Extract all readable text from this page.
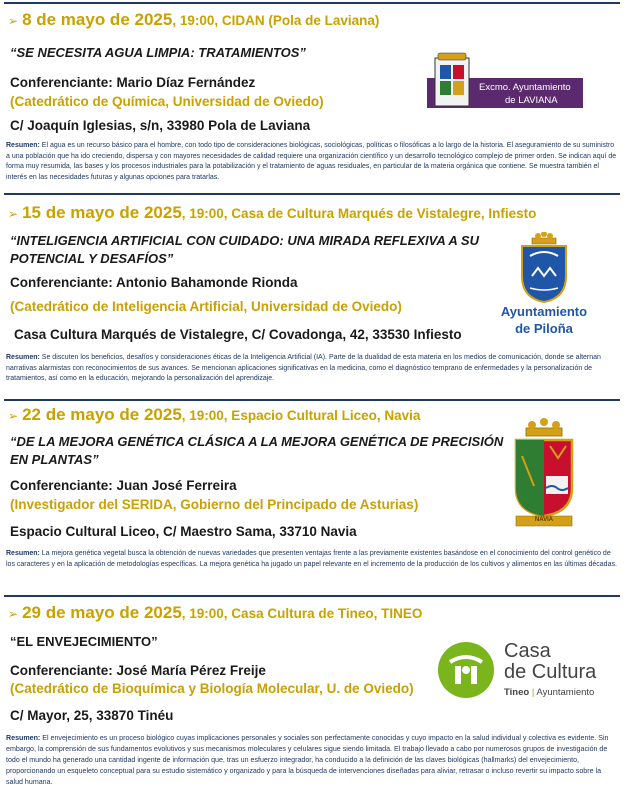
➢ 8 de mayo de 2025, 19:00, CIDAN (Pola de Laviana)
“SE NECESITA AGUA LIMPIA: TRATAMIENTOS”
Conferenciante: Mario Díaz Fernández
(Catedrático de Química, Universidad de Oviedo)
C/ Joaquín Iglesias, s/n, 33980 Pola de Laviana
Resumen: El agua es un recurso básico para el hombre, con todo tipo de consideraciones biológicas, sociológicas, políticas o filosóficas a lo largo de la historia. El aseguramiento de su suministro a una población que ha ido creciendo, dispersa y con mayores necesidades de calidad requiere una organización científico y un desarrollo tecnológico complejo de primer orden. Se indican aquí de forma muy resumida, las bases y los procesos industriales para la potabilización y el tratamiento de aguas residuales, en particular de la materia orgánica que contiene. Se muestra también el interés en las necesidades futuras y algunas opciones para tratarlas.
Excmo. Ayuntamiento
de LAVIANA
➢ 15 de mayo de 2025, 19:00, Casa de Cultura Marqués de Vistalegre, Infiesto
“INTELIGENCIA ARTIFICIAL CON CUIDADO: UNA MIRADA REFLEXIVA A SU POTENCIAL Y DESAFÍOS”
Conferenciante: Antonio Bahamonde Rionda
(Catedrático de Inteligencia Artificial, Universidad de Oviedo)
Casa Cultura Marqués de Vistalegre, C/ Covadonga, 42, 33530 Infiesto
Resumen: Se discuten los beneficios, desafíos y consideraciones éticas de la Inteligencia Artificial (IA). Parte de la dualidad de esta materia en los medios de comunicación, donde se alternan narrativas alarmistas con reconocimientos de sus avances. Se mencionan aplicaciones significativas en la medicina, como el diagnóstico temprano de enfermedades y la personalización de tratamientos, así como en la educación, mejorando la personalización del aprendizaje.
Ayuntamiento
de Piloña
➢ 22 de mayo de 2025, 19:00, Espacio Cultural Liceo, Navia
“DE LA MEJORA GENÉTICA CLÁSICA A LA MEJORA GENÉTICA DE PRECISIÓN EN PLANTAS”
Conferenciante: Juan José Ferreira
(Investigador del SERIDA, Gobierno del Principado de Asturias)
Espacio Cultural Liceo, C/ Maestro Sama, 33710 Navia
Resumen: La mejora genética vegetal busca la obtención de nuevas variedades que presenten ventajas frente a las previamente existentes basándose en el conocimiento del control genético de los caracteres y en la aplicación de metodologías específicas. La mejora genética ha jugado un papel relevante en el incremento de la producción de los cultivos y alimentos en las últimas décadas.
NAVIA
➢ 29 de mayo de 2025, 19:00, Casa Cultura de Tineo, TINEO
“EL ENVEJECIMIENTO”
Conferenciante: José María Pérez Freije
(Catedrático de Bioquímica y Biología Molecular, U. de Oviedo)
C/ Mayor, 25, 33870 Tinéu
Resumen: El envejecimiento es un proceso biológico cuyas implicaciones personales y sociales son perfectamente conocidas y cuyo impacto en la salud individual y colectiva es evidente. Sin embargo, la comprensión de sus fundamentos evolutivos y sus mecanismos moleculares y celulares sigue siendo limitada. El trabajo llevado a cabo por numerosos grupos de investigación de todo el mundo ha generado una cantidad ingente de información que, tras un esfuerzo integrador, ha conducido a la definición de las claves biológicas (hallmarks) del envejecimiento, proporcionando un esqueleto conceptual para su estudio sistemático y organizado y para la búsqueda de intervenciones diseñadas para aliviar, retrasar o incluso revertir su impacto sobre la salud humana.
Casa
de Cultura
Tineo | Ayuntamiento
